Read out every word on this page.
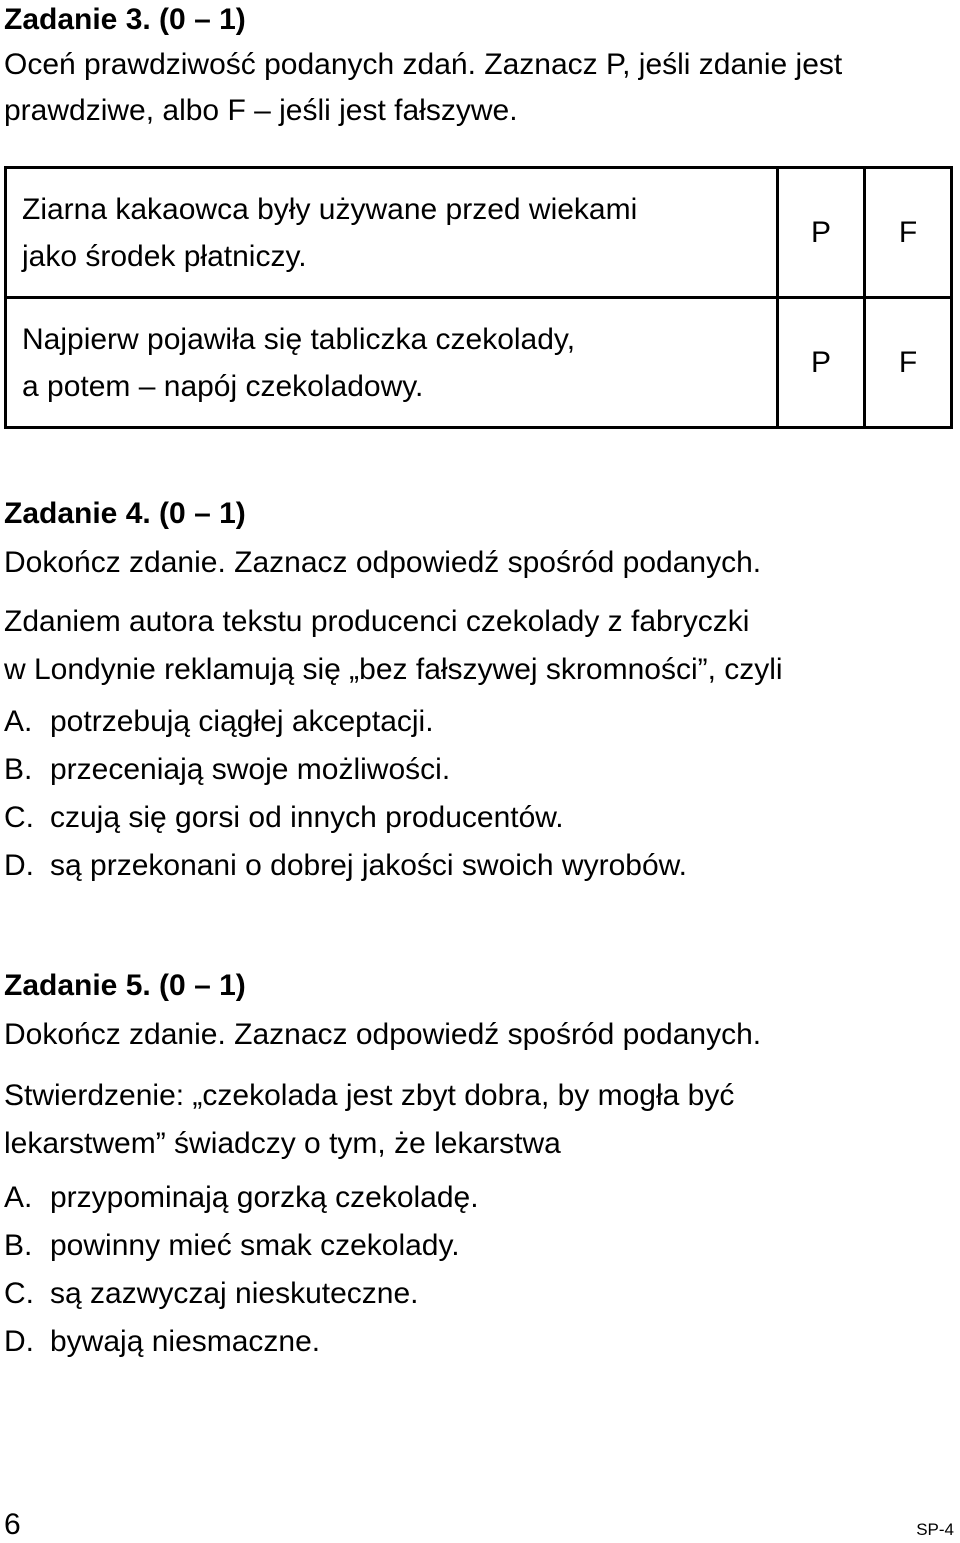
Zadanie 3. (0 – 1)

Oceń prawdziwość podanych zdań. Zaznacz P, jeśli zdanie jest prawdziwe, albo F – jeśli jest fałszywe.

Ziarna kakaowca były używane przed wiekami
jako środek płatniczy.	P	F
Najpierw pojawiła się tabliczka czekolady,
a potem – napój czekoladowy.	P	F
Zadanie 4. (0 – 1)

Dokończ zdanie. Zaznacz odpowiedź spośród podanych.

Zdaniem autora tekstu producenci czekolady z fabryczki
w Londynie reklamują się „bez fałszywej skromności”, czyli

A. potrzebują ciągłej akceptacji.
B. przeceniają swoje możliwości.
C. czują się gorsi od innych producentów.
D. są przekonani o dobrej jakości swoich wyrobów.
Zadanie 5. (0 – 1)

Dokończ zdanie. Zaznacz odpowiedź spośród podanych.

Stwierdzenie: „czekolada jest zbyt dobra, by mogła być
lekarstwem” świadczy o tym, że lekarstwa

A. przypominają gorzką czekoladę.
B. powinny mieć smak czekolady.
C. są zazwyczaj nieskuteczne.
D. bywają niesmaczne.
6	SP-4
